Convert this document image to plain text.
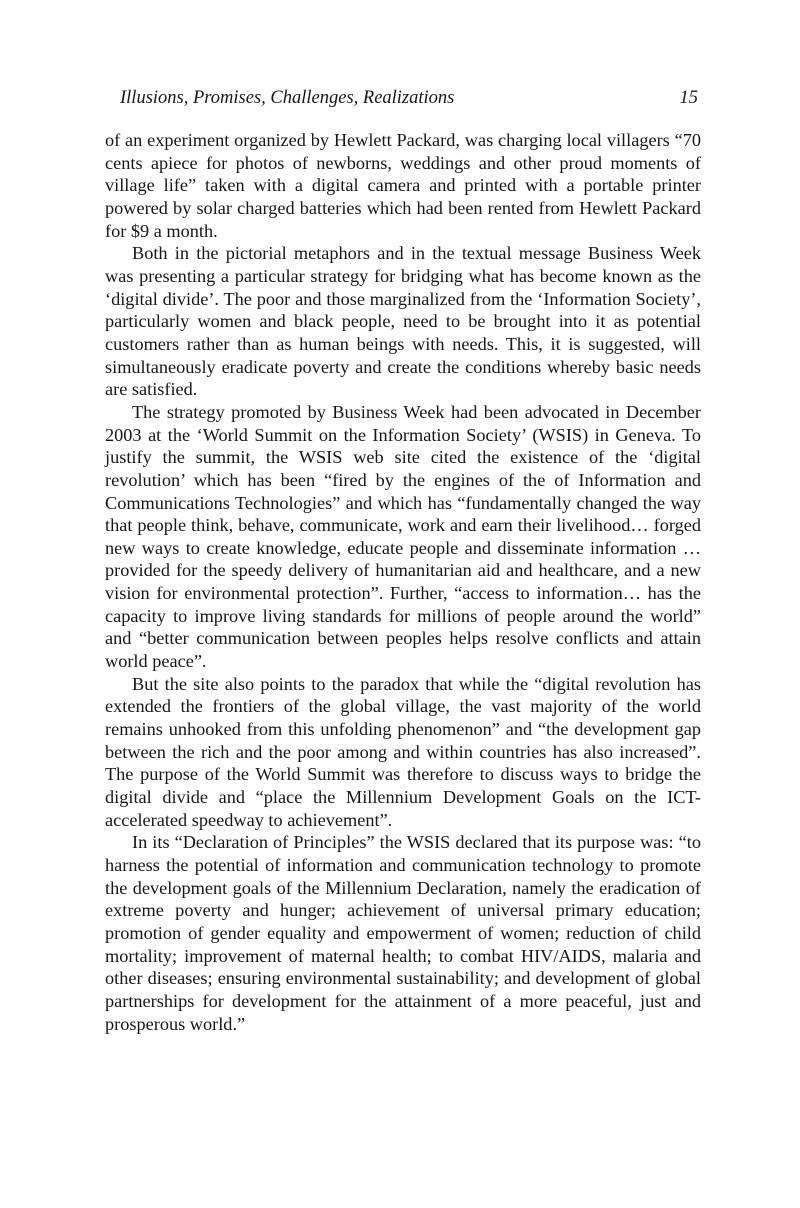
Illusions, Promises, Challenges, Realizations	15

of an experiment organized by Hewlett Packard, was charging local villagers “70 cents apiece for photos of newborns, weddings and other proud moments of village life” taken with a digital camera and printed with a portable printer powered by solar charged batteries which had been rented from Hewlett Packard for $9 a month.

Both in the pictorial metaphors and in the textual message Business Week was presenting a particular strategy for bridging what has become known as the ‘digital divide’. The poor and those marginalized from the ‘Information Society’, particularly women and black people, need to be brought into it as potential customers rather than as human beings with needs. This, it is suggested, will simultaneously eradicate poverty and create the conditions whereby basic needs are satisfied.

The strategy promoted by Business Week had been advocated in December 2003 at the ‘World Summit on the Information Society’ (WSIS) in Geneva. To justify the summit, the WSIS web site cited the existence of the ‘digital revolution’ which has been “fired by the engines of the of Information and Communications Technologies” and which has “fundamentally changed the way that people think, behave, communicate, work and earn their livelihood… forged new ways to create knowledge, educate people and disseminate information … provided for the speedy delivery of humanitarian aid and healthcare, and a new vision for environmental protection”. Further, “access to information… has the capacity to improve living standards for millions of people around the world” and “better communication between peoples helps resolve conflicts and attain world peace”.

But the site also points to the paradox that while the “digital revolution has extended the frontiers of the global village, the vast majority of the world remains unhooked from this unfolding phenomenon” and “the development gap between the rich and the poor among and within countries has also increased”. The purpose of the World Summit was therefore to discuss ways to bridge the digital divide and “place the Millennium Development Goals on the ICT-accelerated speedway to achievement”.

In its “Declaration of Principles” the WSIS declared that its purpose was: “to harness the potential of information and communication technology to promote the development goals of the Millennium Declaration, namely the eradication of extreme poverty and hunger; achievement of universal primary education; promotion of gender equality and empowerment of women; reduction of child mortality; improvement of maternal health; to combat HIV/AIDS, malaria and other diseases; ensuring environmental sustainability; and development of global partnerships for development for the attainment of a more peaceful, just and prosperous world.”
